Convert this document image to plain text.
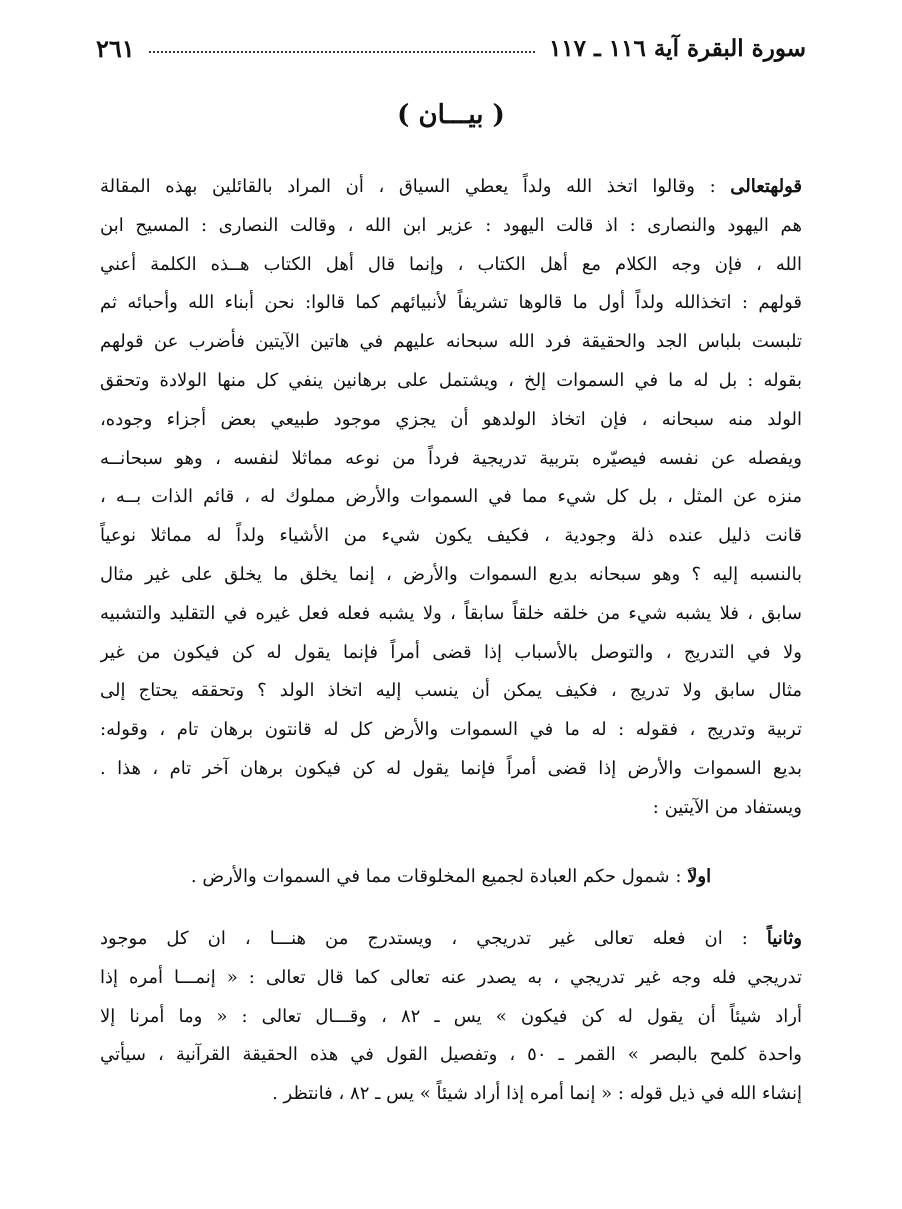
سورة البقرة آية ١١٦ ـ ١١٧
٢٦١
( بيـــان )
قولهتعالى : وقالوا اتخذ الله ولداً يعطي السياق ، أن المراد بالقائلين بهذه المقالة
هم اليهود والنصارى : اذ قالت اليهود : عزير ابن الله ، وقالت النصارى : المسيح ابن
الله ، فإن وجه الكلام مع أهل الكتاب ، وإنما قال أهل الكتاب هــذه الكلمة أعني
قولهم : اتخذالله ولداً أول ما قالوها تشريفاً لأنبيائهم كما قالوا: نحن أبناء الله وأحبائه ثم
تلبست بلباس الجد والحقيقة فرد الله سبحانه عليهم في هاتين الآيتين فأضرب عن قولهم
بقوله : بل له ما في السموات إلخ ، ويشتمل على برهانين ينفي كل منها الولادة وتحقق
الولد منه سبحانه ، فإن اتخاذ الولدهو أن يجزي موجود طبيعي بعض أجزاء وجوده،
ويفصله عن نفسه فيصيّره بتربية تدريجية فرداً من نوعه مماثلا لنفسه ، وهو سبحانــه
منزه عن المثل ، بل كل شيء مما في السموات والأرض مملوك له ، قائم الذات بــه ،
قانت ذليل عنده ذلة وجودية ، فكيف يكون شيء من الأشياء ولداً له مماثلا نوعياً
بالنسبه إليه ؟ وهو سبحانه بديع السموات والأرض ، إنما يخلق ما يخلق على غير مثال
سابق ، فلا يشبه شيء من خلقه خلقاً سابقاً ، ولا يشبه فعله فعل غيره في التقليد والتشبيه
ولا في التدريج ، والتوصل بالأسباب إذا قضى أمراً فإنما يقول له كن فيكون من غير
مثال سابق ولا تدريج ، فكيف يمكن أن ينسب إليه اتخاذ الولد ؟ وتحققه يحتاج إلى
تربية وتدريج ، فقوله : له ما في السموات والأرض كل له قانتون برهان تام ، وقوله:
بديع السموات والأرض إذا قضى أمراً فإنما يقول له كن فيكون برهان آخر تام ، هذا .
ويستفاد من الآيتين :
اولاً : شمول حكم العبادة لجميع المخلوقات مما في السموات والأرض .
وثانياً : ان فعله تعالى غير تدريجي ، ويستدرج من هنـــا ، ان كل موجود
تدريجي فله وجه غير تدريجي ، به يصدر عنه تعالى كما قال تعالى : « إنمـــا أمره إذا
أراد شيئاً أن يقول له كن فيكون » يس ـ ٨٢ ، وقـــال تعالى : « وما أمرنا إلا
واحدة كلمح بالبصر » القمر ـ ٥٠ ، وتفصيل القول في هذه الحقيقة القرآنية ، سيأتي
إنشاء الله في ذيل قوله : « إنما أمره إذا أراد شيئاً » يس ـ ٨٢ ، فانتظر .
